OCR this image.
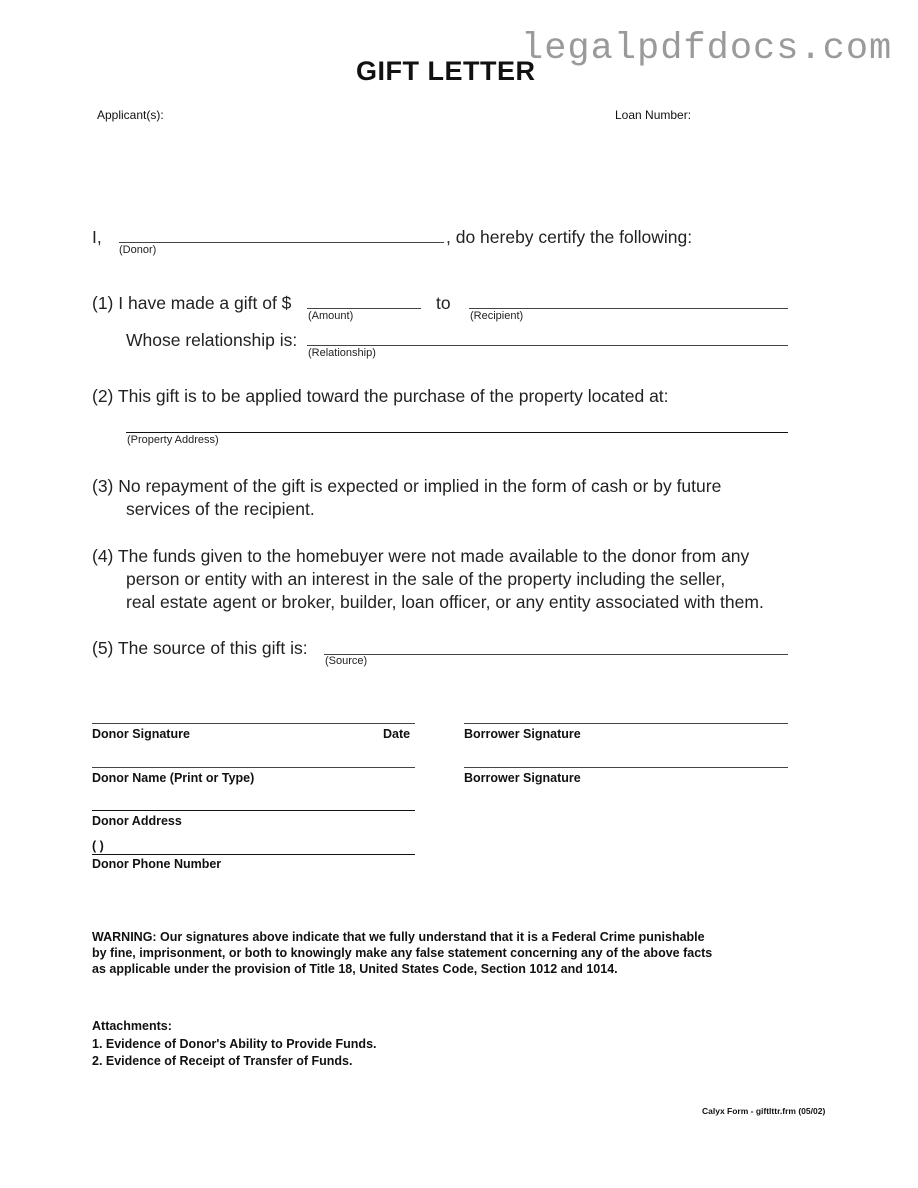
legalpdfdocs.com
GIFT LETTER
Applicant(s):	Loan Number:
I,
(Donor)
, do hereby certify the following:
(1) I have made a gift of $
(Amount)
to
(Recipient)
Whose relationship is:
(Relationship)
(2) This gift is to be applied toward the purchase of the property located at:
(Property Address)
(3) No repayment of the gift is expected or implied in the form of cash or by future
services of the recipient.
(4) The funds given to the homebuyer were not made available to the donor from any
person or entity with an interest in the sale of the property including the seller,
real estate agent or broker, builder, loan officer, or any entity associated with them.
(5) The source of this gift is:
(Source)
Donor Signature	Date	Borrower Signature
Donor Name (Print or Type)	Borrower Signature
Donor Address
( )
Donor Phone Number
WARNING: Our signatures above indicate that we fully understand that it is a Federal Crime punishable
by fine, imprisonment, or both to knowingly make any false statement concerning any of the above facts
as applicable under the provision of Title 18, United States Code, Section 1012 and 1014.
Attachments:
1. Evidence of Donor's Ability to Provide Funds.
2. Evidence of Receipt of Transfer of Funds.
Calyx Form - giftlttr.frm (05/02)
